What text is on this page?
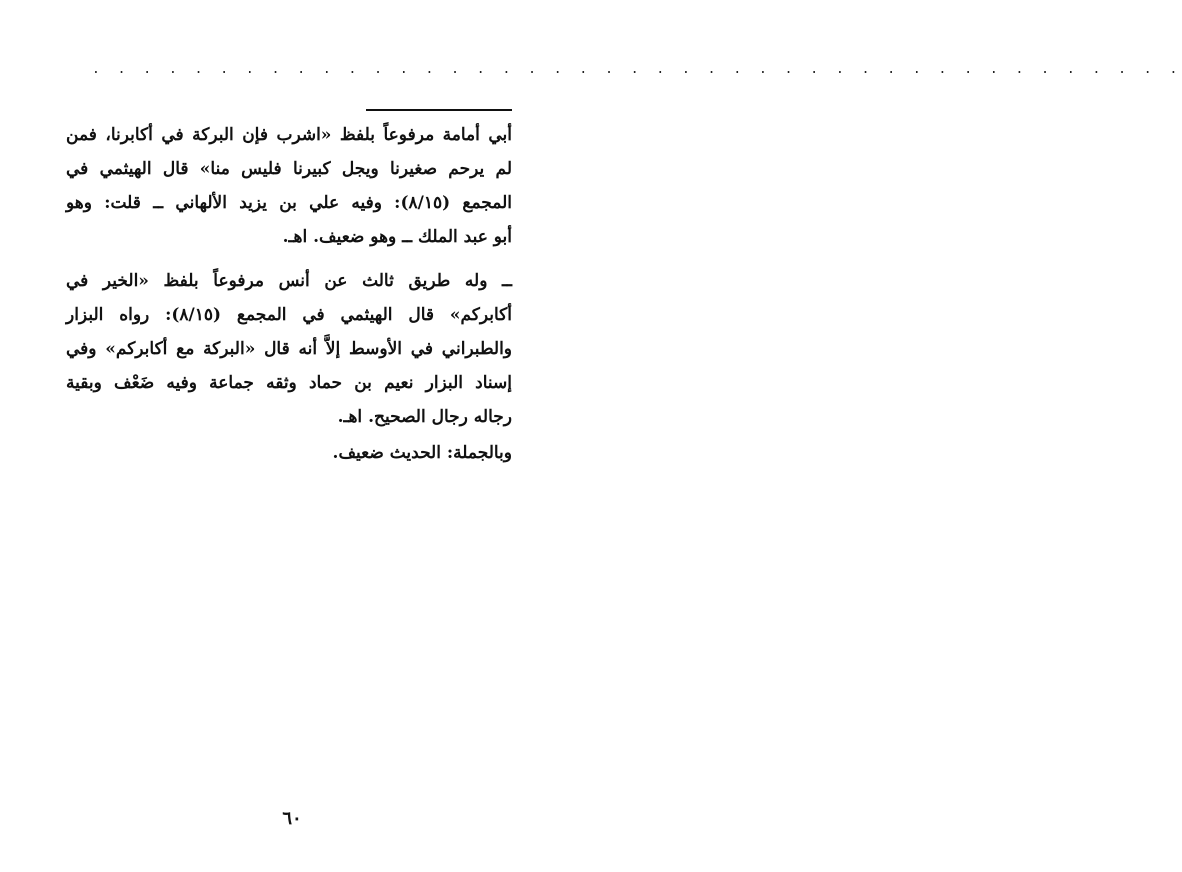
. . . . . . . . . . . . . . . . . . . . . . . . . . . . . . . . . . . . . . . . . . .
أبي أمامة مرفوعاً بلفظ «اشرب فإن البركة في أكابرنا، فمن
لم يرحم صغيرنا ويجل كبيرنا فليس منا» قال الهيثمي في
المجمع (٨/١٥): وفيه علي بن يزيد الألهاني ــ قلت: وهو
أبو عبد الملك ــ وهو ضعيف. اهـ.
ــ وله طريق ثالث عن أنس مرفوعاً بلفظ «الخير في
أكابركم» قال الهيثمي في المجمع (٨/١٥): رواه البزار
والطبراني في الأوسط إلاَّ أنه قال «البركة مع أكابركم» وفي
إسناد البزار نعيم بن حماد وثقه جماعة وفيه ضَعْف وبقية
رجاله رجال الصحيح. اهـ.
وبالجملة: الحديث ضعيف.
٦٠
